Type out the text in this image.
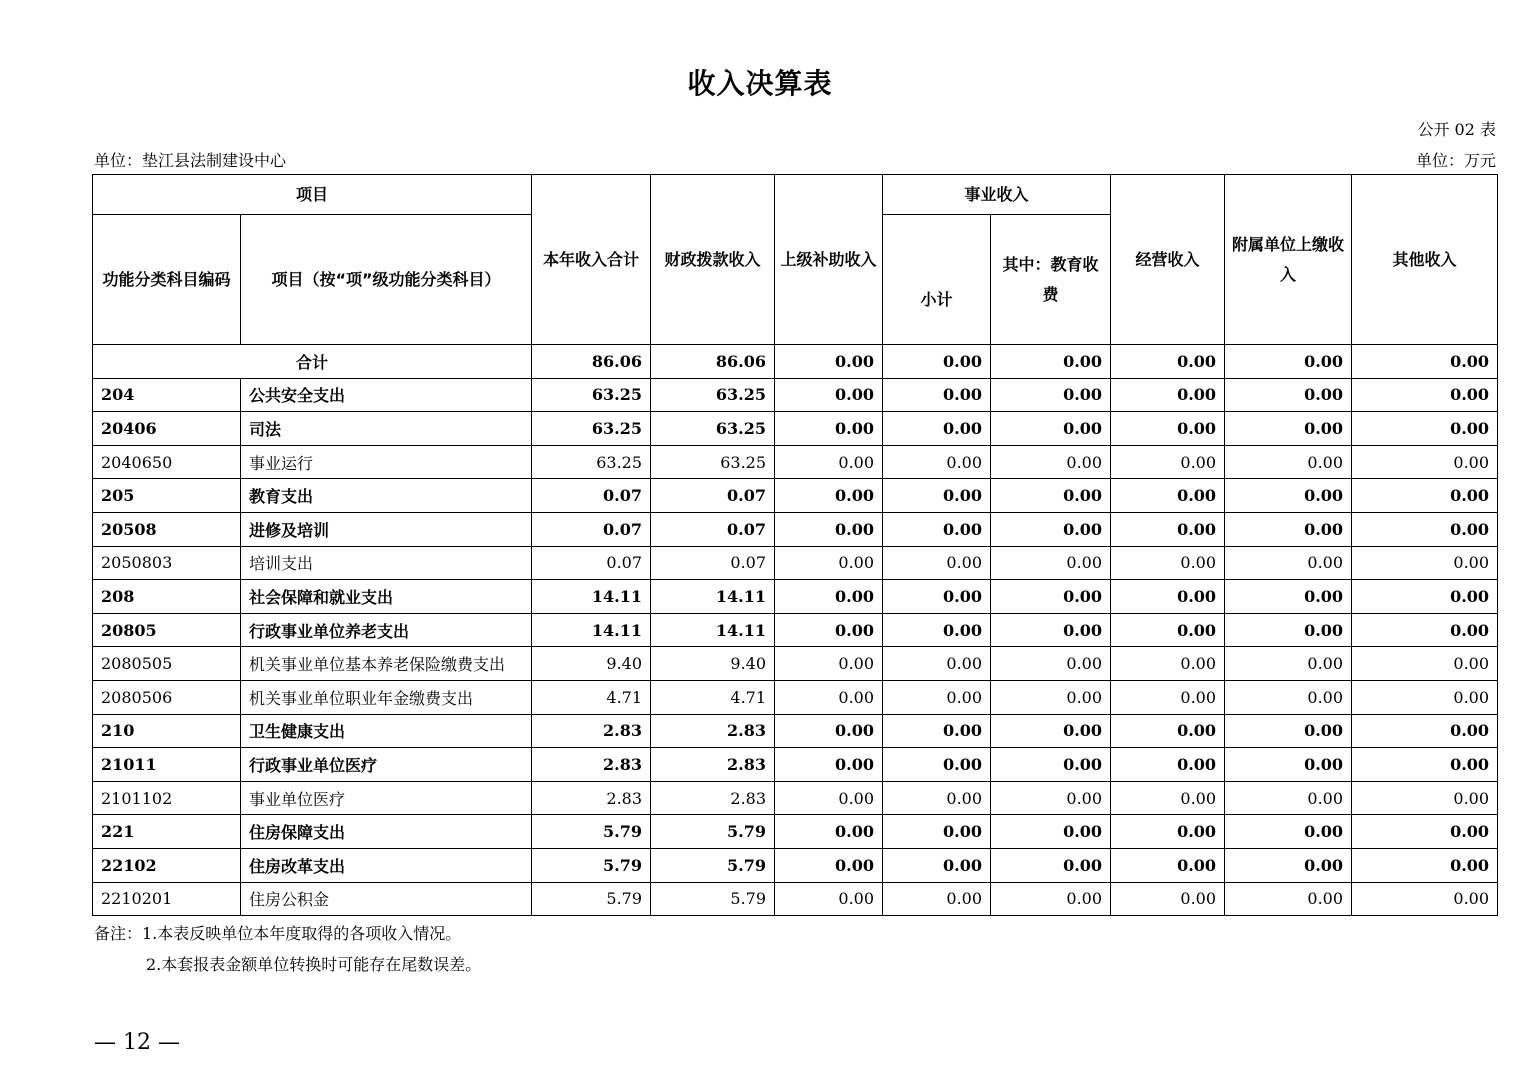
收入决算表
公开 02 表
单位：垫江县法制建设中心	单位：万元
项目		本年收入合计	财政拨款收入	上级补助收入	事业收入		经营收入	附属单位上缴收入	其他收入
功能分类科目编码	项目（按“项”级功能分类科目）				小计	其中：教育收费			
合计		86.06	86.06	0.00	0.00	0.00	0.00	0.00	0.00
204	公共安全支出	63.25	63.25	0.00	0.00	0.00	0.00	0.00	0.00
20406	司法	63.25	63.25	0.00	0.00	0.00	0.00	0.00	0.00
2040650	事业运行	63.25	63.25	0.00	0.00	0.00	0.00	0.00	0.00
205	教育支出	0.07	0.07	0.00	0.00	0.00	0.00	0.00	0.00
20508	进修及培训	0.07	0.07	0.00	0.00	0.00	0.00	0.00	0.00
2050803	培训支出	0.07	0.07	0.00	0.00	0.00	0.00	0.00	0.00
208	社会保障和就业支出	14.11	14.11	0.00	0.00	0.00	0.00	0.00	0.00
20805	行政事业单位养老支出	14.11	14.11	0.00	0.00	0.00	0.00	0.00	0.00
2080505	机关事业单位基本养老保险缴费支出	9.40	9.40	0.00	0.00	0.00	0.00	0.00	0.00
2080506	机关事业单位职业年金缴费支出	4.71	4.71	0.00	0.00	0.00	0.00	0.00	0.00
210	卫生健康支出	2.83	2.83	0.00	0.00	0.00	0.00	0.00	0.00
21011	行政事业单位医疗	2.83	2.83	0.00	0.00	0.00	0.00	0.00	0.00
2101102	事业单位医疗	2.83	2.83	0.00	0.00	0.00	0.00	0.00	0.00
221	住房保障支出	5.79	5.79	0.00	0.00	0.00	0.00	0.00	0.00
22102	住房改革支出	5.79	5.79	0.00	0.00	0.00	0.00	0.00	0.00
2210201	住房公积金	5.79	5.79	0.00	0.00	0.00	0.00	0.00	0.00
备注：1.本表反映单位本年度取得的各项收入情况。
2.本套报表金额单位转换时可能存在尾数误差。
— 12 —
